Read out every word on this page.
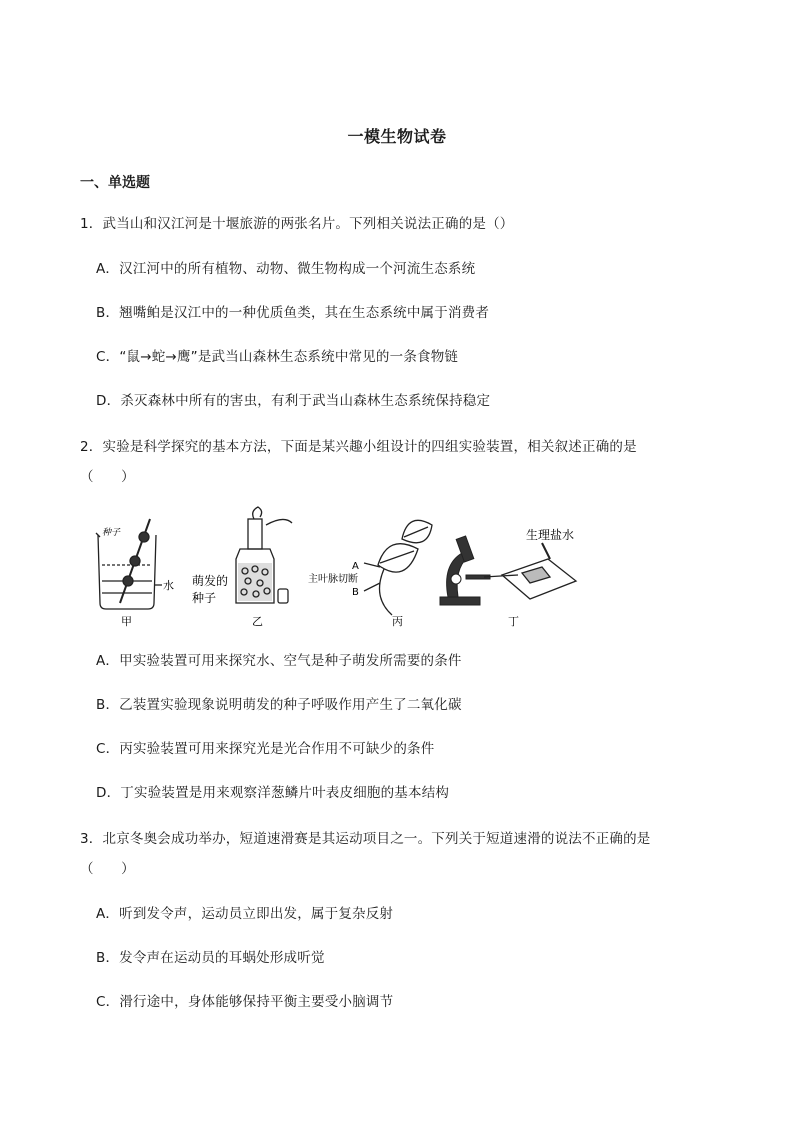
一模生物试卷
一、单选题
1．武当山和汉江河是十堰旅游的两张名片。下列相关说法正确的是（）
A．汉江河中的所有植物、动物、微生物构成一个河流生态系统
B．翘嘴鲌是汉江中的一种优质鱼类，其在生态系统中属于消费者
C．“鼠→蛇→鹰”是武当山森林生态系统中常见的一条食物链
D．杀灭森林中所有的害虫，有利于武当山森林生态系统保持稳定
2．实验是科学探究的基本方法，下面是某兴趣小组设计的四组实验装置，相关叙述正确的是
（　　）
种子
水
甲
萌发的
种子
乙
A
主叶脉切断
B
丙
生理盐水
丁
A．甲实验装置可用来探究水、空气是种子萌发所需要的条件
B．乙装置实验现象说明萌发的种子呼吸作用产生了二氧化碳
C．丙实验装置可用来探究光是光合作用不可缺少的条件
D．丁实验装置是用来观察洋葱鳞片叶表皮细胞的基本结构
3．北京冬奥会成功举办，短道速滑赛是其运动项目之一。下列关于短道速滑的说法不正确的是
（　　）
A．听到发令声，运动员立即出发，属于复杂反射
B．发令声在运动员的耳蜗处形成听觉
C．滑行途中，身体能够保持平衡主要受小脑调节
